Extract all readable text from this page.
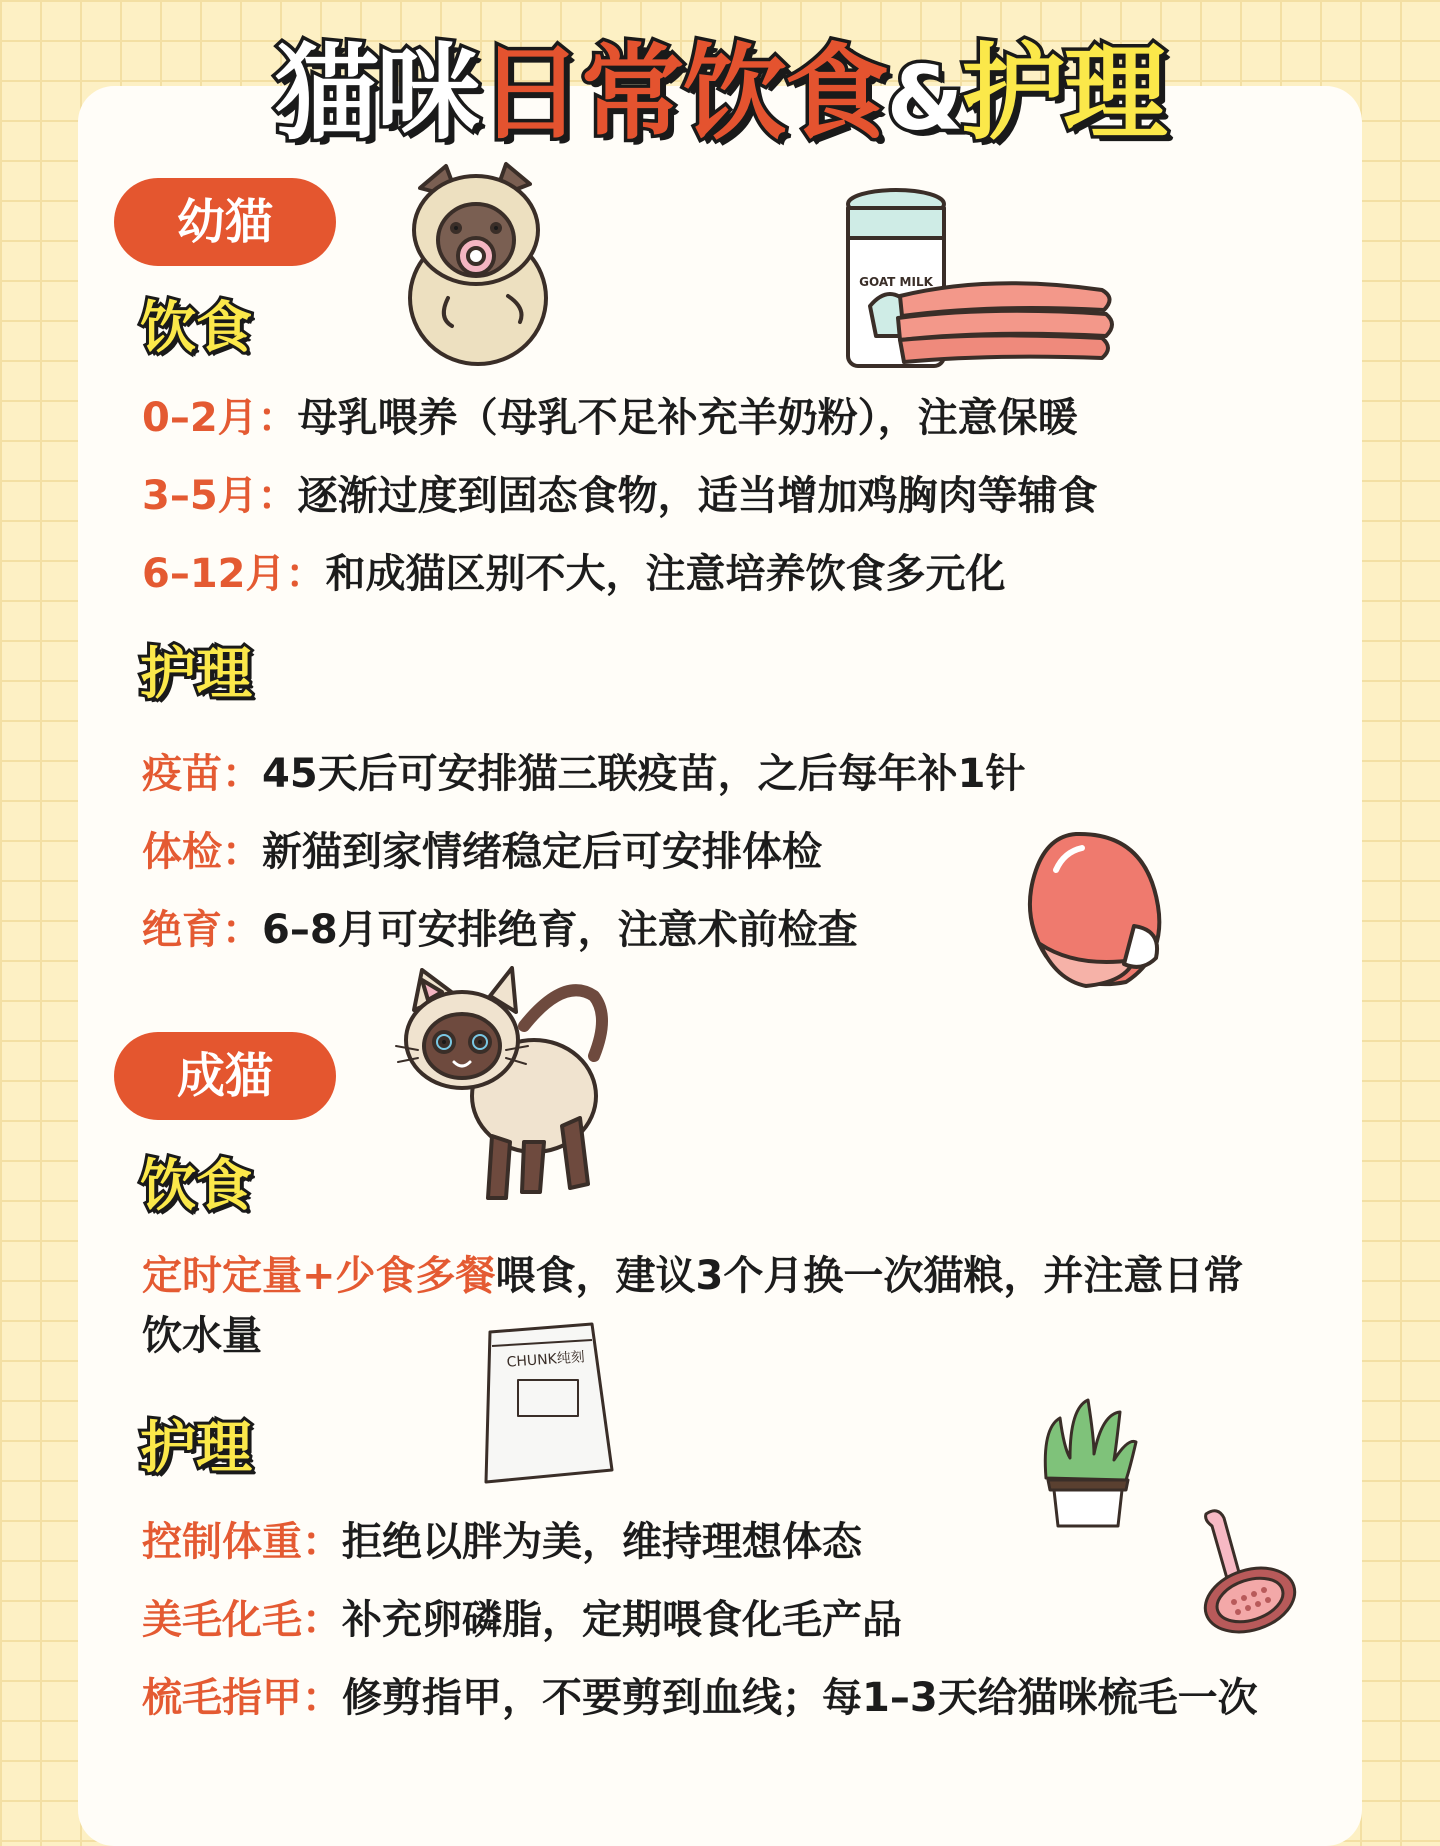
猫咪日常饮食&护理
幼猫
GOAT MILK
饮食
0–2月：母乳喂养（母乳不足补充羊奶粉），注意保暖
3–5月：逐渐过度到固态食物，适当增加鸡胸肉等辅食
6–12月：和成猫区别不大，注意培养饮食多元化
护理
疫苗：45天后可安排猫三联疫苗，之后每年补1针
体检：新猫到家情绪稳定后可安排体检
绝育：6–8月可安排绝育，注意术前检查
成猫
饮食
定时定量+少食多餐喂食，建议3个月换一次猫粮，并注意日常饮水量
CHUNK纯刻
护理
控制体重：拒绝以胖为美，维持理想体态
美毛化毛：补充卵磷脂，定期喂食化毛产品
梳毛指甲：修剪指甲，不要剪到血线；每1–3天给猫咪梳毛一次
